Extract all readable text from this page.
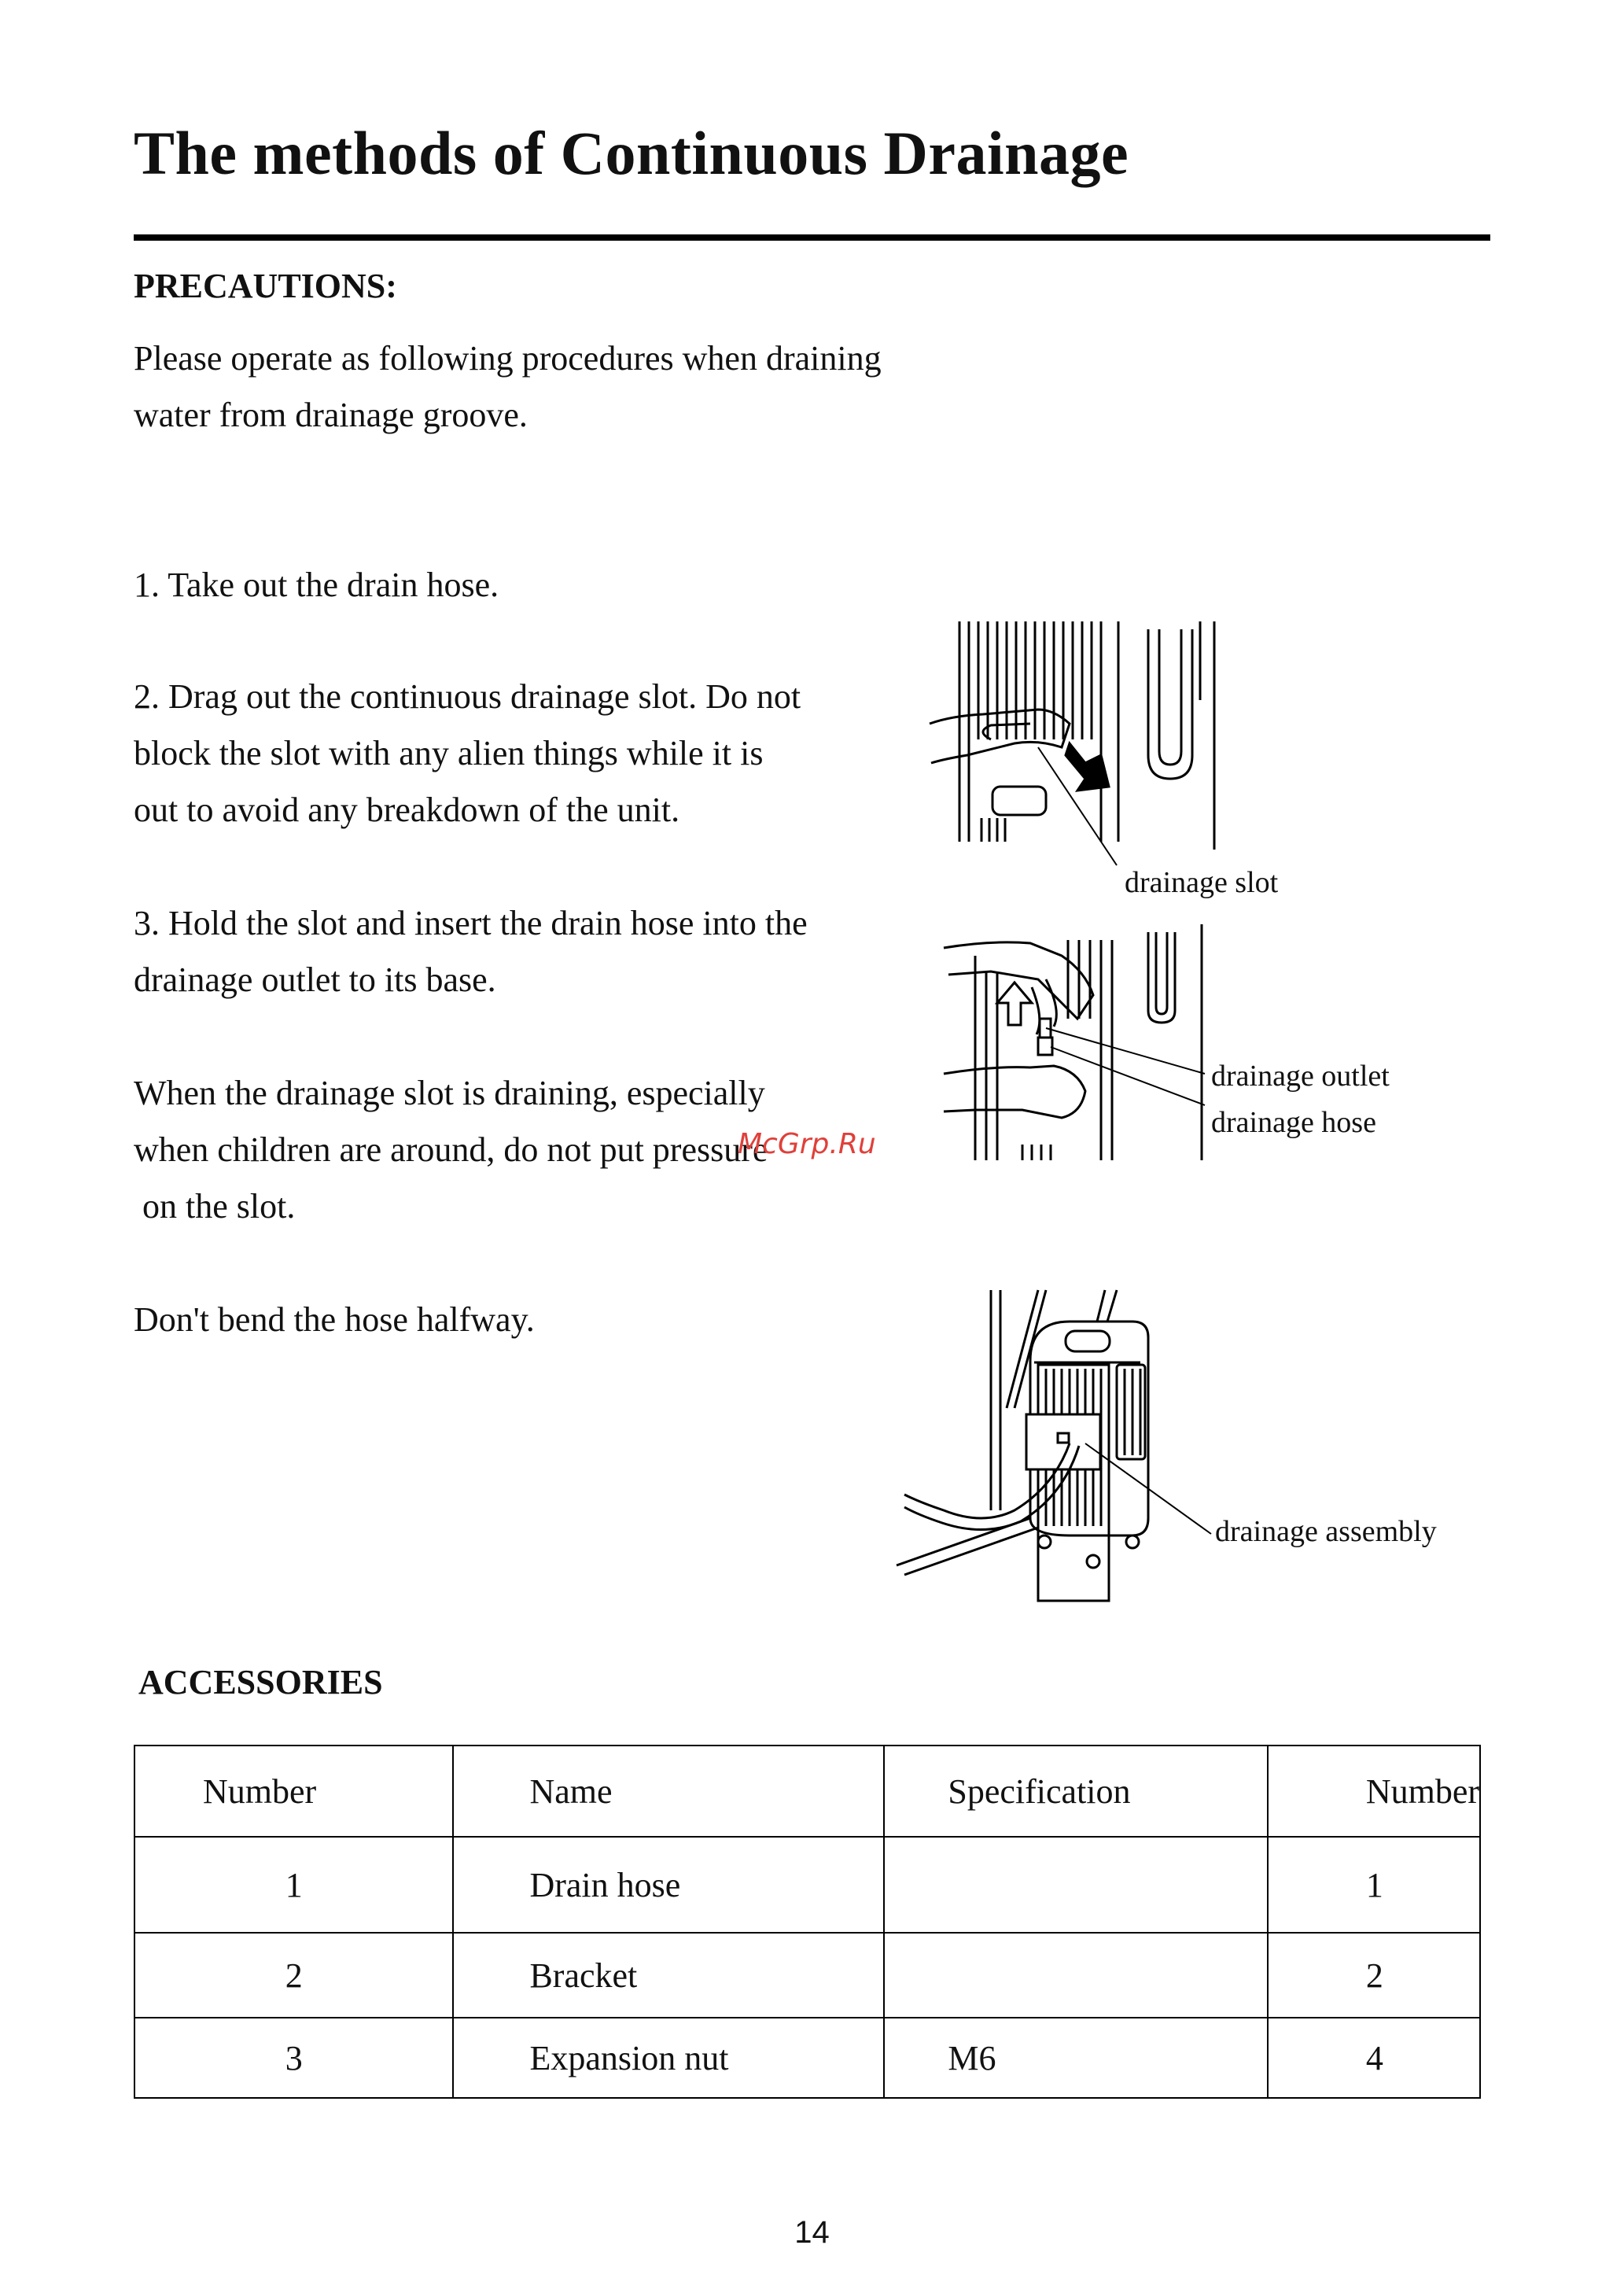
The methods of Continuous Drainage
PRECAUTIONS:
Please operate as following procedures when draining
water from drainage groove.
1. Take out the drain hose.
2. Drag out the continuous drainage slot. Do not
block the slot with any alien things while it is
out to avoid any breakdown of the unit.
3. Hold the slot and insert the drain hose into the
drainage outlet to its base.
When the drainage slot is draining, especially
when children are around, do not put pressure
on the slot.
Don't bend the hose halfway.
McGrp.Ru
drainage slot
drainage outlet
drainage hose
drainage assembly
ACCESSORIES
Number	Name	Specification	Number
1	Drain hose		1
2	Bracket		2
3	Expansion nut	M6	4
14
